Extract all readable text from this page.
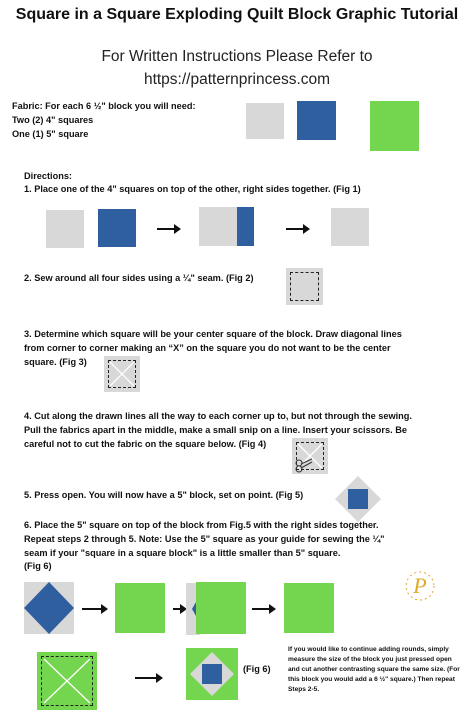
Square in a Square Exploding Quilt Block Graphic Tutorial
For Written Instructions Please Refer to
https://patternprincess.com
Fabric: For each 6 ½" block you will need:
Two (2) 4" squares
One (1) 5" square
Directions:
1. Place one of the 4" squares on top of the other, right sides together. (Fig 1)
2. Sew around all four sides using a ¼" seam. (Fig 2)
3. Determine which square will be your center square of the block. Draw diagonal lines
from corner to corner making an “X” on the square you do not want to be the center
square. (Fig 3)
4. Cut along the drawn lines all the way to each corner up to, but not through the sewing.
Pull the fabrics apart in the middle, make a small snip on a line. Insert your scissors. Be
careful not to cut the fabric on the square below. (Fig 4)
5. Press open. You will now have a 5" block, set on point. (Fig 5)
6. Place the 5" square on top of the block from Fig.5 with the right sides together.
Repeat steps 2 through 5. Note: Use the 5" square as your guide for sewing the ¼"
seam if your "square in a square block" is a little smaller than 5" square.
(Fig 6)
P
If you would like to continue adding rounds, simply
measure the size of the block you just pressed open
and cut another contrasting square the same size. (For
this block you would add a 6 ½" square.) Then repeat
Steps 2-5.
(Fig 6)
